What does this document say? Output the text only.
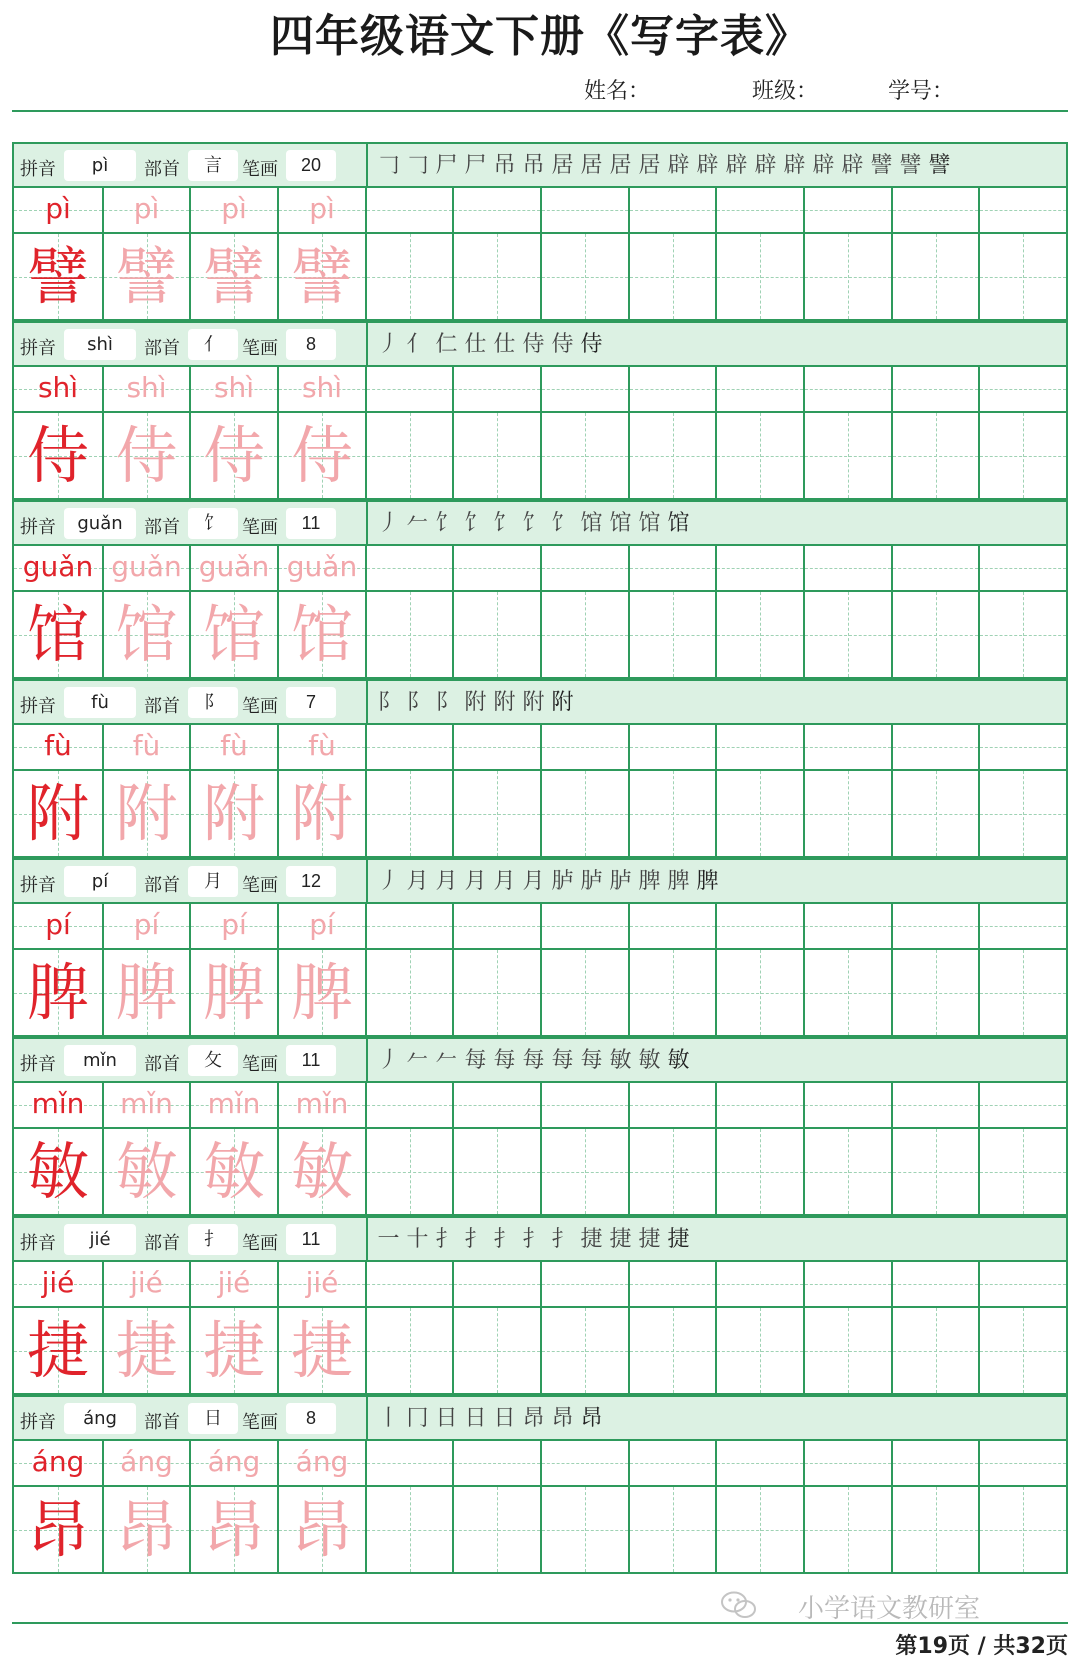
四年级语文下册《写字表》
姓名：	班级：	学号：
拼音	pì	部首	言	笔画	20	𠃌 𠃌 尸 尸 吊 吊 居 居 居 居 辟 辟 辟 辟 辟 辟 辟 譬 譬 譬
pì	pì	pì	pì
譬 譬 譬 譬
拼音	shì	部首	亻	笔画	8	丿 亻 仁 仕 仕 侍 侍 侍
shì	shì	shì	shì
侍 侍 侍 侍
拼音	guǎn	部首	饣	笔画	11	丿 𠂉 饣 饣 饣 饣 饣 馆 馆 馆 馆
guǎn guǎn guǎn guǎn
馆 馆 馆 馆
拼音	fù	部首	阝	笔画	7	阝 阝 阝 附 附 附 附
fù	fù	fù	fù
附 附 附 附
拼音	pí	部首	月	笔画	12	丿 月 月 月 月 月 胪 胪 胪 脾 脾 脾
pí	pí	pí	pí
脾 脾 脾 脾
拼音	mǐn	部首	攵	笔画	11	丿 𠂉 𠂉 每 每 每 每 每 敏 敏 敏
mǐn	mǐn	mǐn	mǐn
敏 敏 敏 敏
拼音	jié	部首	扌	笔画	11	一 十 扌 扌 扌 扌 扌 捷 捷 捷 捷
jié	jié	jié	jié
捷 捷 捷 捷
拼音	áng	部首	日	笔画	8	丨 冂 日 日 日 昂 昂 昂
áng	áng	áng	áng
昂 昂 昂 昂
小学语文教研室
第19页 / 共32页
